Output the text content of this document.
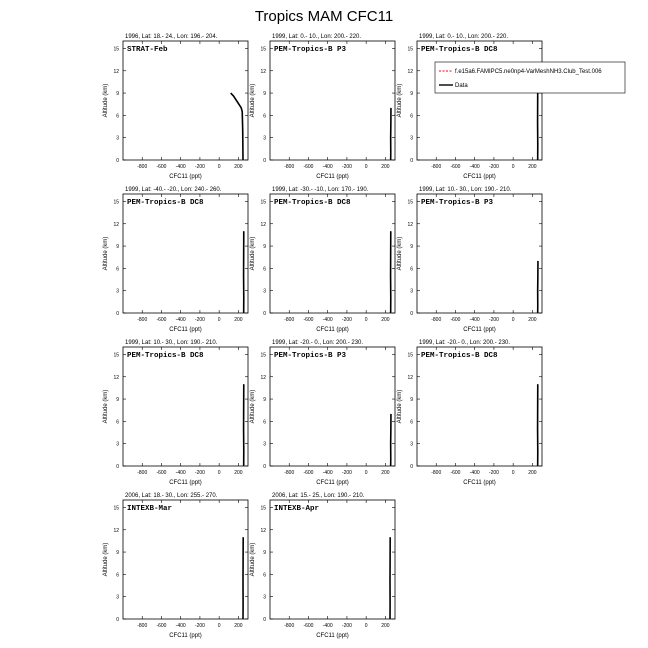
Tropics MAM CFC11
1996, Lat: 18.- 24., Lon: 196.- 204.
STRAT-Feb
-800 -600 -400 -200	0	200
0
3
6
9
12
15
CFC11 (ppt)
Altitude (km)
1999, Lat: 0.- 10., Lon: 200.- 220.
PEM-Tropics-B P3
-800 -600 -400 -200	0	200
0
3
6
9
12
15
CFC11 (ppt)
Altitude (km)
1999, Lat: 0.- 10., Lon: 200.- 220.
PEM-Tropics-B DC8
-800 -600 -400 -200	0	200
0
3
6
9
12
15
CFC11 (ppt)
Altitude (km)
1999, Lat: -40.- -20., Lon: 240.- 260.
PEM-Tropics-B DC8
-800 -600 -400 -200	0	200
0
3
6
9
12
15
CFC11 (ppt)
Altitude (km)
1999, Lat: -30.- -10., Lon: 170.- 190.
PEM-Tropics-B DC8
-800 -600 -400 -200	0	200
0
3
6
9
12
15
CFC11 (ppt)
Altitude (km)
1999, Lat: 10.- 30., Lon: 190.- 210.
PEM-Tropics-B P3
-800 -600 -400 -200	0	200
0
3
6
9
12
15
CFC11 (ppt)
Altitude (km)
1999, Lat: 10.- 30., Lon: 190.- 210.
PEM-Tropics-B DC8
-800 -600 -400 -200	0	200
0
3
6
9
12
15
CFC11 (ppt)
Altitude (km)
1999, Lat: -20.- 0., Lon: 200.- 230.
PEM-Tropics-B P3
-800 -600 -400 -200	0	200
0
3
6
9
12
15
CFC11 (ppt)
Altitude (km)
1999, Lat: -20.- 0., Lon: 200.- 230.
PEM-Tropics-B DC8
-800 -600 -400 -200	0	200
0
3
6
9
12
15
CFC11 (ppt)
Altitude (km)
2006, Lat: 18.- 30., Lon: 255.- 270.
INTEXB-Mar
-800 -600 -400 -200	0	200
0
3
6
9
12
15
CFC11 (ppt)
Altitude (km)
2006, Lat: 15.- 25., Lon: 190.- 210.
INTEXB-Apr
-800 -600 -400 -200	0	200
0
3
6
9
12
15
CFC11 (ppt)
Altitude (km)
f.e15a6.FAMIPC5.ne0np4-VarMeshNH3.Club_Test.006
Data
